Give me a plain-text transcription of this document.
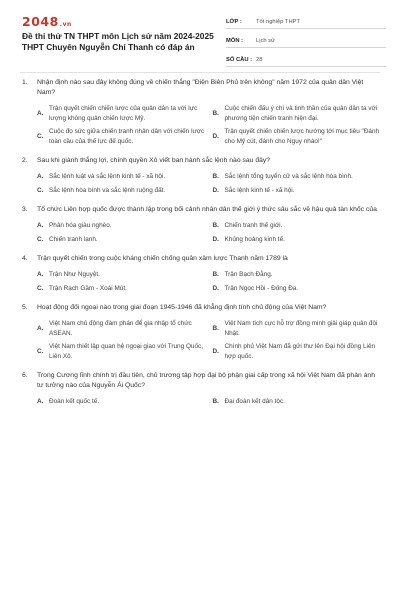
2048.vn
Đề thi thử TN THPT môn Lịch sử năm 2024-2025 THPT Chuyên Nguyễn Chí Thanh có đáp án
LỚP :	Tốt nghiệp THPT
MÔN :	Lịch sử
SỐ CÂU : 28
1.	Nhận định nào sau đây không đúng về chiến thắng "Điện Biên Phủ trên không" năm 1972 của quân dân Việt Nam?
A.
Trận quyết chiến chiến lược của quân dân ta với lực lượng không quân chiến lược Mỹ.
B.
Cuộc chiến đấu ý chí và tinh thần của quân dân ta với phương tiện chiến tranh hiện đại.
C.
Cuộc đọ sức giữa chiến tranh nhân dân với chiến lược toàn cầu của thế lực đế quốc.
D.
Trận quyết chiến chiến lược hướng tới mục tiêu "Đánh cho Mỹ cút, đánh cho Ngụy nhào!"
2.	Sau khi giành thắng lợi, chính quyền Xô viết ban hành sắc lệnh nào sau đây?
A. Sắc lệnh luật và sắc lệnh kinh tế - xã hội.	B. Sắc lệnh tổng tuyển cử và sắc lệnh hòa bình.
C. Sắc lệnh hòa bình và sắc lệnh ruộng đất.	D. Sắc lệnh kinh tế - xã hội.
3.	Tổ chức Liên hợp quốc được thành lập trong bối cảnh nhân dân thế giới ý thức sâu sắc về hậu quả tàn khốc của
A. Phân hóa giàu nghèo.	B. Chiến tranh thế giới.
C. Chiến tranh lạnh.	D. Khủng hoảng kinh tế.
4.	Trận quyết chiến trong cuộc kháng chiến chống quân xâm lược Thanh năm 1789 là
A. Trận Như Nguyệt.	B. Trận Bạch Đằng.
C. Trận Rạch Gầm - Xoài Mút.	D. Trận Ngọc Hồi - Đống Đa.
5.	Hoạt động đối ngoại nào trong giai đoạn 1945-1946 đã khẳng định tính chủ động của Việt Nam?
A.
Việt Nam chủ động đàm phán để gia nhập tổ chức ASEAN.
B.
Việt Nam tích cực hỗ trợ đồng minh giải giáp quân đội Nhật.
C.
Việt Nam thiết lập quan hệ ngoại giao với Trung Quốc, Liên Xô.
D.
Chính phủ Việt Nam đã gửi thư lên Đại hội đồng Liên hợp quốc.
6.	Trong Cương lĩnh chính trị đầu tiên, chủ trương tập hợp đại bộ phận giai cấp trong xã hội Việt Nam đã phản ánh tư tưởng nào của Nguyễn Ái Quốc?
A. Đoàn kết quốc tế.	B. Đại đoàn kết dân tộc.
